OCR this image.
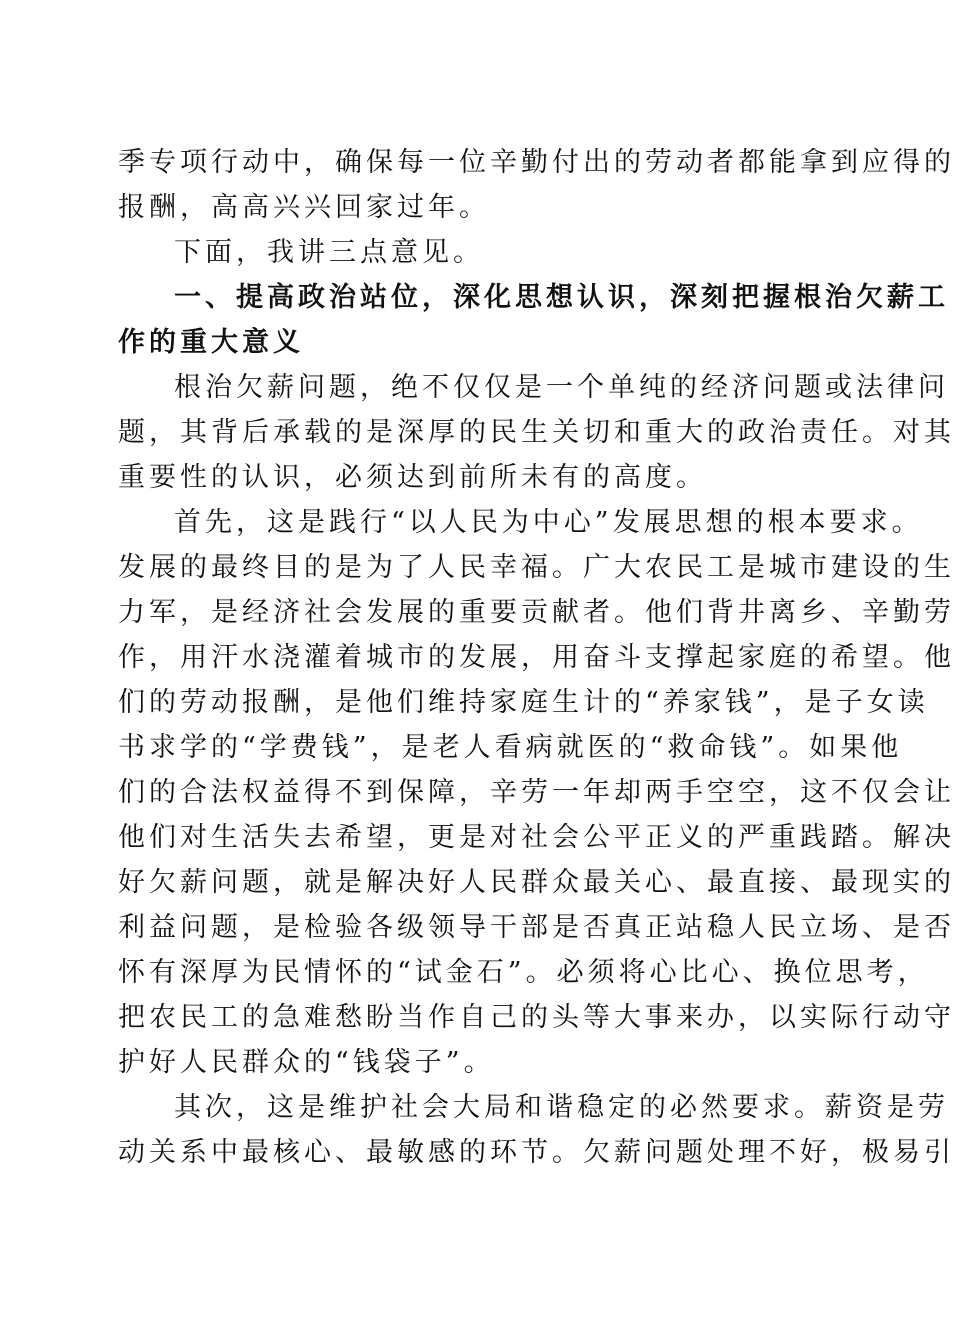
季专项行动中，确保每一位辛勤付出的劳动者都能拿到应得的
报酬，高高兴兴回家过年。
下面，我讲三点意见。
一、提高政治站位，深化思想认识，深刻把握根治欠薪工
作的重大意义
根治欠薪问题，绝不仅仅是一个单纯的经济问题或法律问
题，其背后承载的是深厚的民生关切和重大的政治责任。对其
重要性的认识，必须达到前所未有的高度。
首先，这是践行“以人民为中心”发展思想的根本要求。
发展的最终目的是为了人民幸福。广大农民工是城市建设的生
力军，是经济社会发展的重要贡献者。他们背井离乡、辛勤劳
作，用汗水浇灌着城市的发展，用奋斗支撑起家庭的希望。他
们的劳动报酬，是他们维持家庭生计的“养家钱”，是子女读
书求学的“学费钱”，是老人看病就医的“救命钱”。如果他
们的合法权益得不到保障，辛劳一年却两手空空，这不仅会让
他们对生活失去希望，更是对社会公平正义的严重践踏。解决
好欠薪问题，就是解决好人民群众最关心、最直接、最现实的
利益问题，是检验各级领导干部是否真正站稳人民立场、是否
怀有深厚为民情怀的“试金石”。必须将心比心、换位思考，
把农民工的急难愁盼当作自己的头等大事来办，以实际行动守
护好人民群众的“钱袋子”。
其次，这是维护社会大局和谐稳定的必然要求。薪资是劳
动关系中最核心、最敏感的环节。欠薪问题处理不好，极易引
